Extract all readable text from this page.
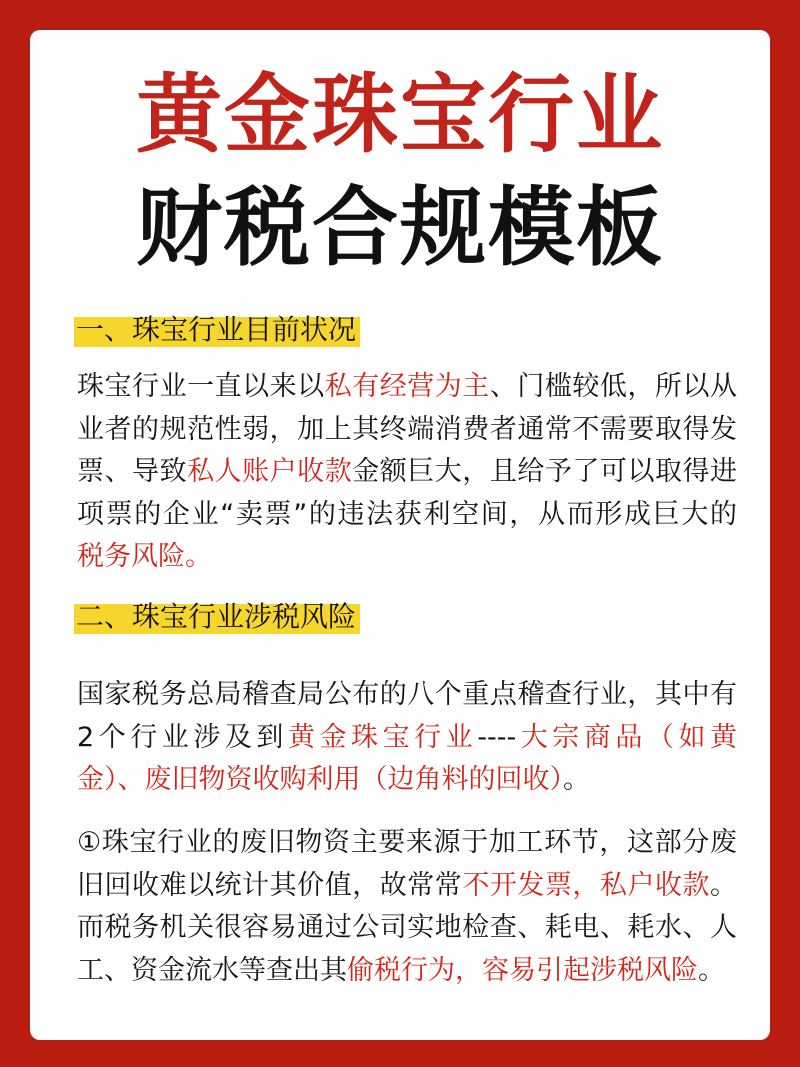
黄金珠宝行业
财税合规模板
一、珠宝行业目前状况
珠宝行业一直以来以私有经营为主、门槛较低，所以从
业者的规范性弱，加上其终端消费者通常不需要取得发
票、导致私人账户收款金额巨大，且给予了可以取得进
项票的企业“卖票”的违法获利空间，从而形成巨大的
税务风险。
二、珠宝行业涉税风险
国家税务总局稽查局公布的八个重点稽查行业，其中有
2个行业涉及到黄金珠宝行业----大宗商品（如黄
金）、废旧物资收购利用（边角料的回收）。
①珠宝行业的废旧物资主要来源于加工环节，这部分废
旧回收难以统计其价值，故常常不开发票，私户收款。
而税务机关很容易通过公司实地检查、耗电、耗水、人
工、资金流水等查出其偷税行为，容易引起涉税风险。
